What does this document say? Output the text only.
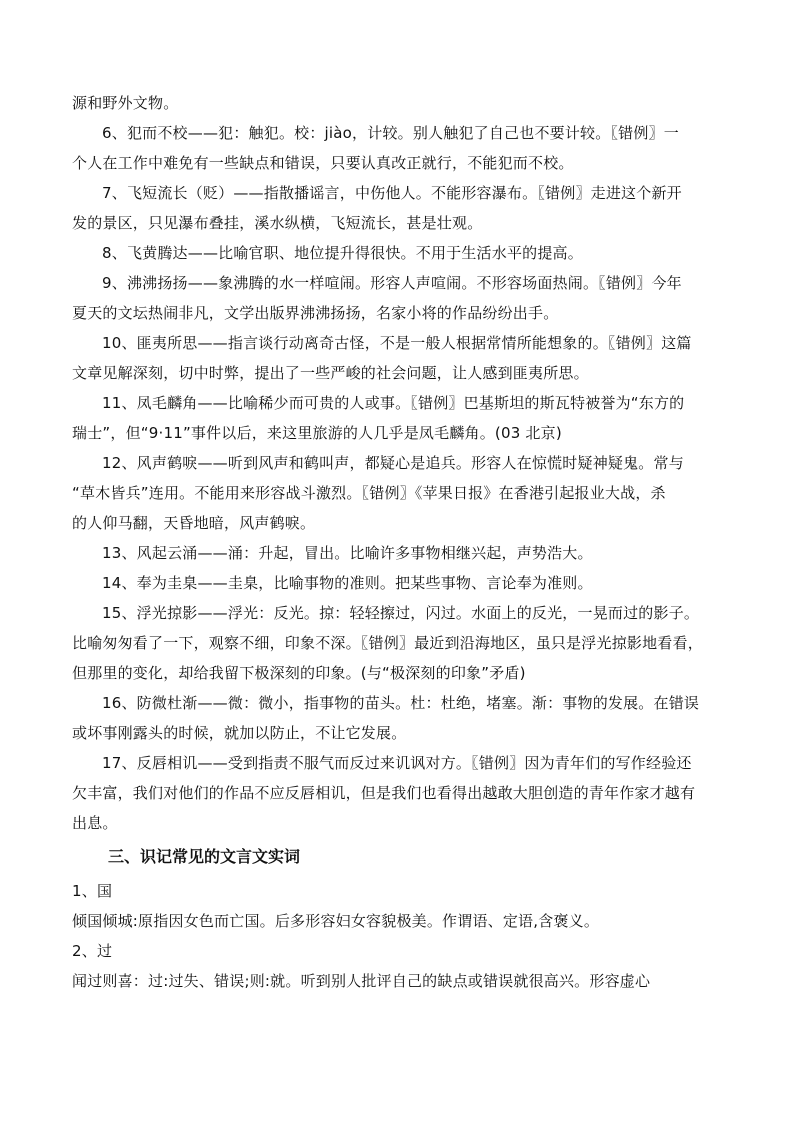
源和野外文物。
6、犯而不校——犯：触犯。校：jiào，计较。别人触犯了自己也不要计较。〖错例〗一
个人在工作中难免有一些缺点和错误，只要认真改正就行，不能犯而不校。
7、飞短流长（贬）——指散播谣言，中伤他人。不能形容瀑布。〖错例〗走进这个新开
发的景区，只见瀑布叠挂，溪水纵横，飞短流长，甚是壮观。
8、飞黄腾达——比喻官职、地位提升得很快。不用于生活水平的提高。
9、沸沸扬扬——象沸腾的水一样喧闹。形容人声喧闹。不形容场面热闹。〖错例〗今年
夏天的文坛热闹非凡，文学出版界沸沸扬扬，名家小将的作品纷纷出手。
10、匪夷所思——指言谈行动离奇古怪，不是一般人根据常情所能想象的。〖错例〗这篇
文章见解深刻，切中时弊，提出了一些严峻的社会问题，让人感到匪夷所思。
11、凤毛麟角——比喻稀少而可贵的人或事。〖错例〗巴基斯坦的斯瓦特被誉为“东方的
瑞士”，但“9·11”事件以后，来这里旅游的人几乎是凤毛麟角。(03 北京)
12、风声鹤唳——听到风声和鹤叫声，都疑心是追兵。形容人在惊慌时疑神疑鬼。常与
“草木皆兵”连用。不能用来形容战斗激烈。〖错例〗《苹果日报》在香港引起报业大战，杀
的人仰马翻，天昏地暗，风声鹤唳。
13、风起云涌——涌：升起，冒出。比喻许多事物相继兴起，声势浩大。
14、奉为圭臬——圭臬，比喻事物的准则。把某些事物、言论奉为准则。
15、浮光掠影——浮光：反光。掠：轻轻擦过，闪过。水面上的反光，一晃而过的影子。
比喻匆匆看了一下，观察不细，印象不深。〖错例〗最近到沿海地区，虽只是浮光掠影地看看，
但那里的变化，却给我留下极深刻的印象。(与“极深刻的印象”矛盾)
16、防微杜渐——微：微小，指事物的苗头。杜：杜绝，堵塞。渐：事物的发展。在错误
或坏事刚露头的时候，就加以防止，不让它发展。
17、反唇相讥——受到指责不服气而反过来讥讽对方。〖错例〗因为青年们的写作经验还
欠丰富，我们对他们的作品不应反唇相讥，但是我们也看得出越敢大胆创造的青年作家才越有
出息。
三、识记常见的文言文实词
1、国
倾国倾城:原指因女色而亡国。后多形容妇女容貌极美。作谓语、定语,含褒义。
2、过
闻过则喜：过:过失、错误;则:就。听到别人批评自己的缺点或错误就很高兴。形容虚心
